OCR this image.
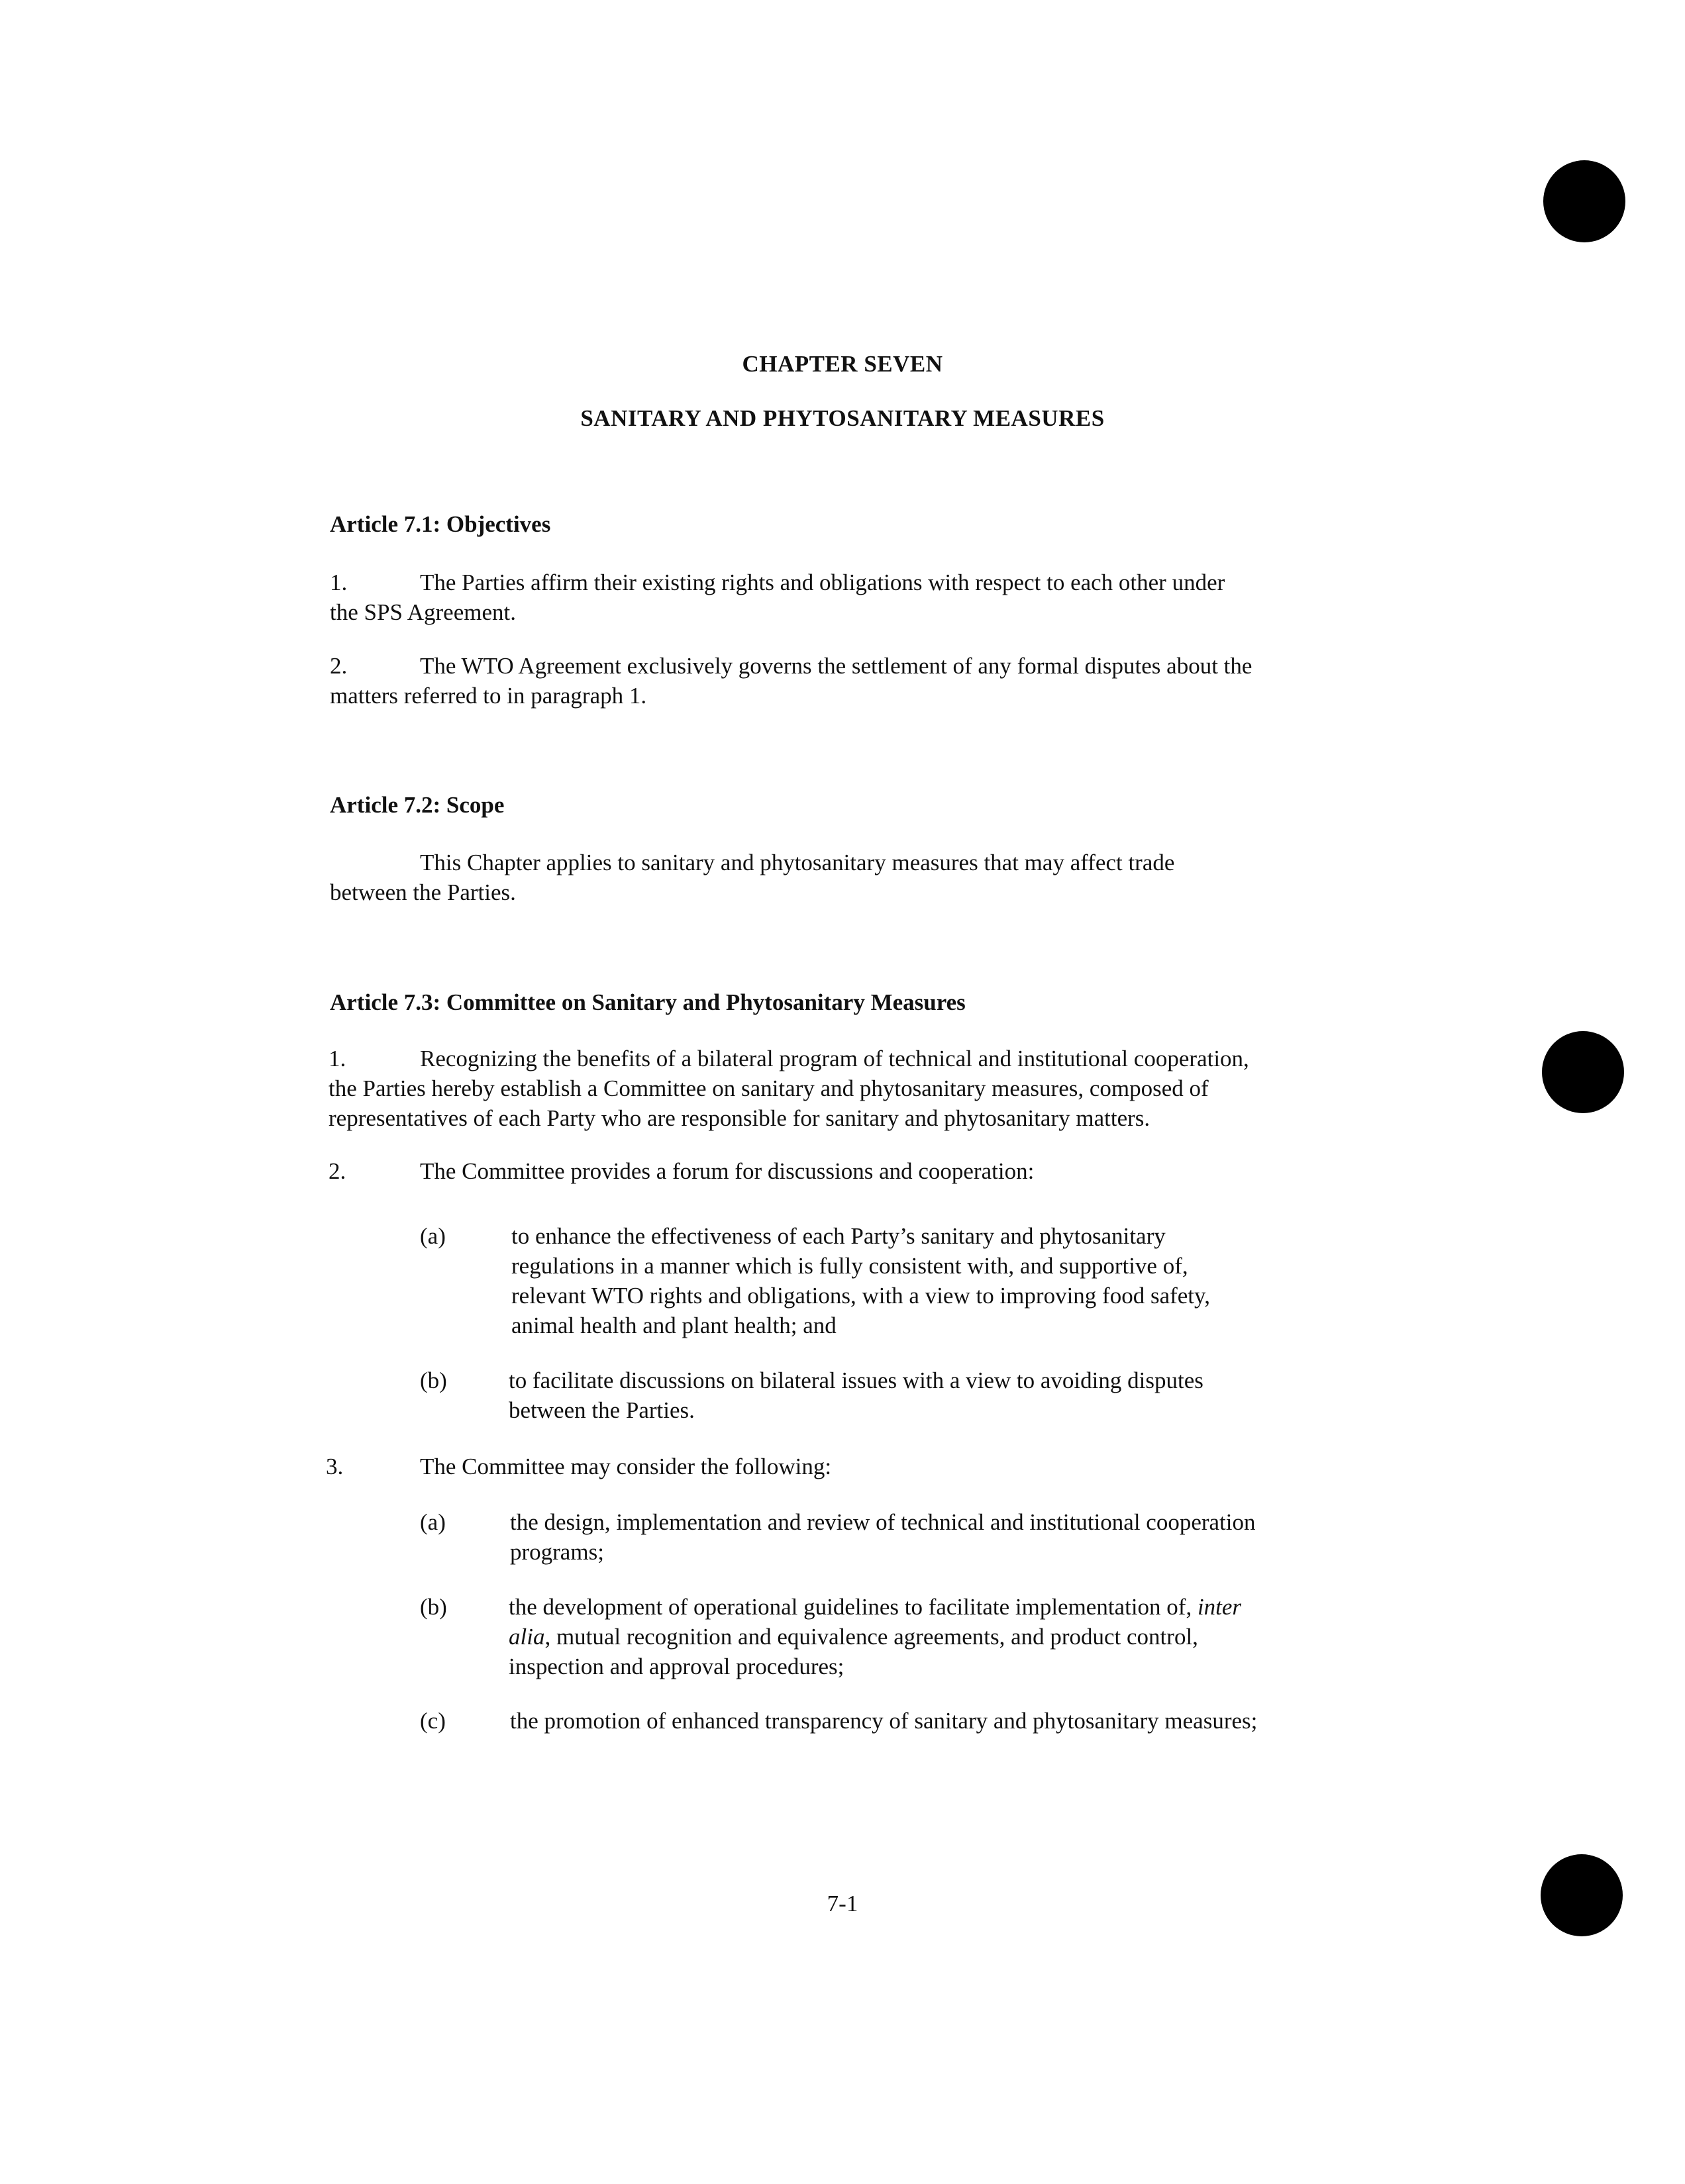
CHAPTER SEVEN
SANITARY AND PHYTOSANITARY MEASURES
Article 7.1: Objectives
1.	The Parties affirm their existing rights and obligations with respect to each other under
the SPS Agreement.
2.	The WTO Agreement exclusively governs the settlement of any formal disputes about the
matters referred to in paragraph 1.
Article 7.2: Scope
This Chapter applies to sanitary and phytosanitary measures that may affect trade
between the Parties.
Article 7.3: Committee on Sanitary and Phytosanitary Measures
1.	Recognizing the benefits of a bilateral program of technical and institutional cooperation,
the Parties hereby establish a Committee on sanitary and phytosanitary measures, composed of
representatives of each Party who are responsible for sanitary and phytosanitary matters.
2.	The Committee provides a forum for discussions and cooperation:
(a)	to enhance the effectiveness of each Party’s sanitary and phytosanitary
regulations in a manner which is fully consistent with, and supportive of,
relevant WTO rights and obligations, with a view to improving food safety,
animal health and plant health; and
(b)	to facilitate discussions on bilateral issues with a view to avoiding disputes
between the Parties.
3.	The Committee may consider the following:
(a)	the design, implementation and review of technical and institutional cooperation
programs;
(b)	the development of operational guidelines to facilitate implementation of, inter
alia, mutual recognition and equivalence agreements, and product control,
inspection and approval procedures;
(c)	the promotion of enhanced transparency of sanitary and phytosanitary measures;
7-1
